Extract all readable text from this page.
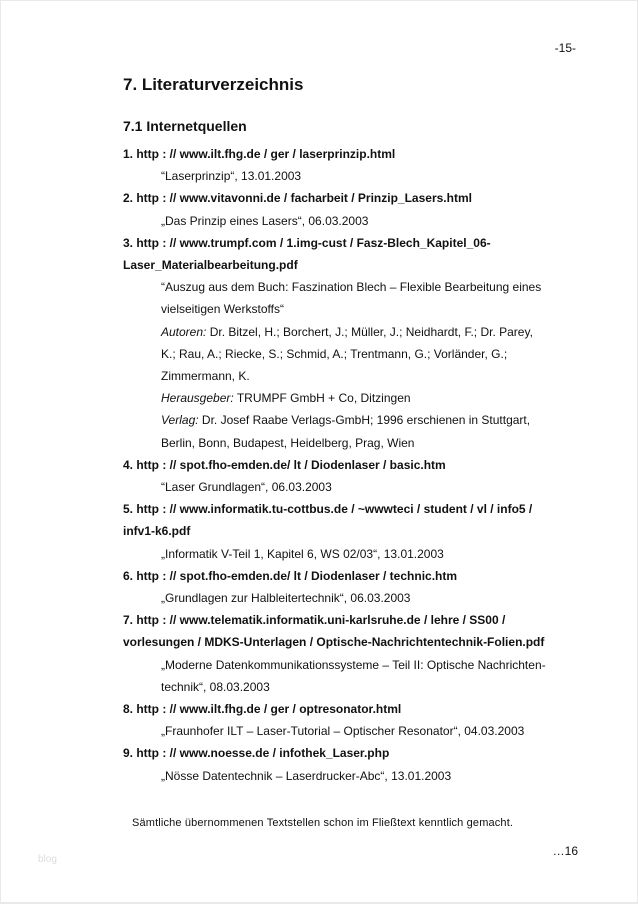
-15-
7. Literaturverzeichnis
7.1 Internetquellen
1. http : // www.ilt.fhg.de / ger / laserprinzip.html
“Laserprinzip“, 13.01.2003
2. http : // www.vitavonni.de / facharbeit / Prinzip_Lasers.html
„Das Prinzip eines Lasers“, 06.03.2003
3. http : // www.trumpf.com / 1.img-cust / Fasz-Blech_Kapitel_06-
Laser_Materialbearbeitung.pdf
“Auszug aus dem Buch: Faszination Blech – Flexible Bearbeitung eines
vielseitigen Werkstoffs“
Autoren: Dr. Bitzel, H.; Borchert, J.; Müller, J.; Neidhardt, F.; Dr. Parey,
K.; Rau, A.; Riecke, S.; Schmid, A.; Trentmann, G.; Vorländer, G.;
Zimmermann, K.
Herausgeber: TRUMPF GmbH + Co, Ditzingen
Verlag: Dr. Josef Raabe Verlags-GmbH; 1996 erschienen in Stuttgart,
Berlin, Bonn, Budapest, Heidelberg, Prag, Wien
4. http : // spot.fho-emden.de/ lt / Diodenlaser / basic.htm
“Laser Grundlagen“, 06.03.2003
5. http : // www.informatik.tu-cottbus.de / ~wwwteci / student / vl / info5 /
infv1-k6.pdf
„Informatik V-Teil 1, Kapitel 6, WS 02/03“, 13.01.2003
6. http : // spot.fho-emden.de/ lt / Diodenlaser / technic.htm
„Grundlagen zur Halbleitertechnik“, 06.03.2003
7. http : // www.telematik.informatik.uni-karlsruhe.de / lehre / SS00 /
vorlesungen / MDKS-Unterlagen / Optische-Nachrichtentechnik-Folien.pdf
„Moderne Datenkommunikationssysteme – Teil II: Optische Nachrichten-
technik“, 08.03.2003
8. http : // www.ilt.fhg.de / ger / optresonator.html
„Fraunhofer ILT – Laser-Tutorial – Optischer Resonator“, 04.03.2003
9. http : // www.noesse.de / infothek_Laser.php
„Nösse Datentechnik – Laserdrucker-Abc“, 13.01.2003
Sämtliche übernommenen Textstellen schon im Fließtext kenntlich gemacht.
…16
blog
